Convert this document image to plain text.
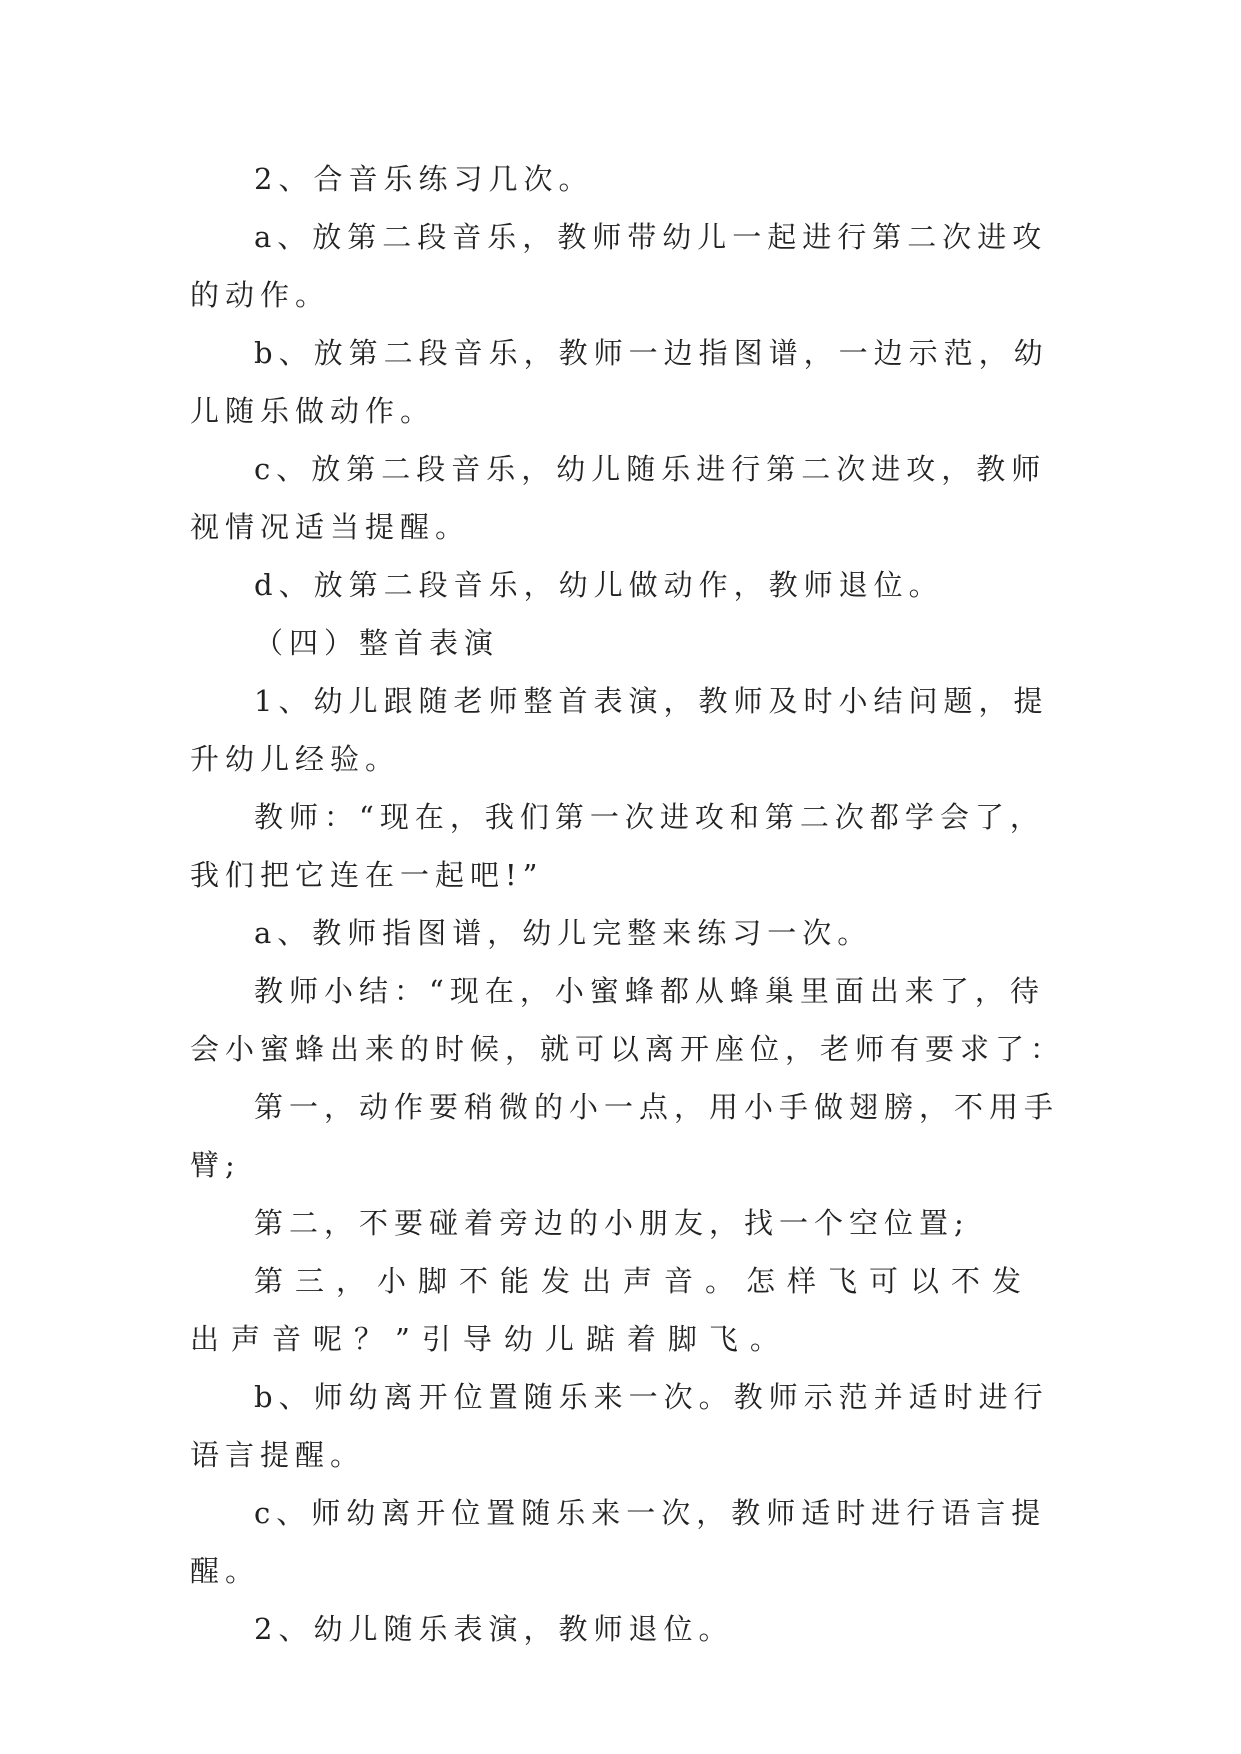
2、合音乐练习几次。

a、放第二段音乐，教师带幼儿一起进行第二次进攻的动作。

b、放第二段音乐，教师一边指图谱，一边示范，幼儿随乐做动作。

c、放第二段音乐，幼儿随乐进行第二次进攻，教师视情况适当提醒。

d、放第二段音乐，幼儿做动作，教师退位。

（四）整首表演

1、幼儿跟随老师整首表演，教师及时小结问题，提升幼儿经验。

教师：“现在，我们第一次进攻和第二次都学会了，我们把它连在一起吧!”

a、教师指图谱，幼儿完整来练习一次。

教师小结：“现在，小蜜蜂都从蜂巢里面出来了，待会小蜜蜂出来的时候，就可以离开座位，老师有要求了：

第一，动作要稍微的小一点，用小手做翅膀，不用手臂;

第二，不要碰着旁边的小朋友，找一个空位置;

第三，小脚不能发出声音。怎样飞可以不发出声音呢？”引导幼儿踮着脚飞。

b、师幼离开位置随乐来一次。教师示范并适时进行语言提醒。

c、师幼离开位置随乐来一次，教师适时进行语言提醒。

2、幼儿随乐表演，教师退位。
